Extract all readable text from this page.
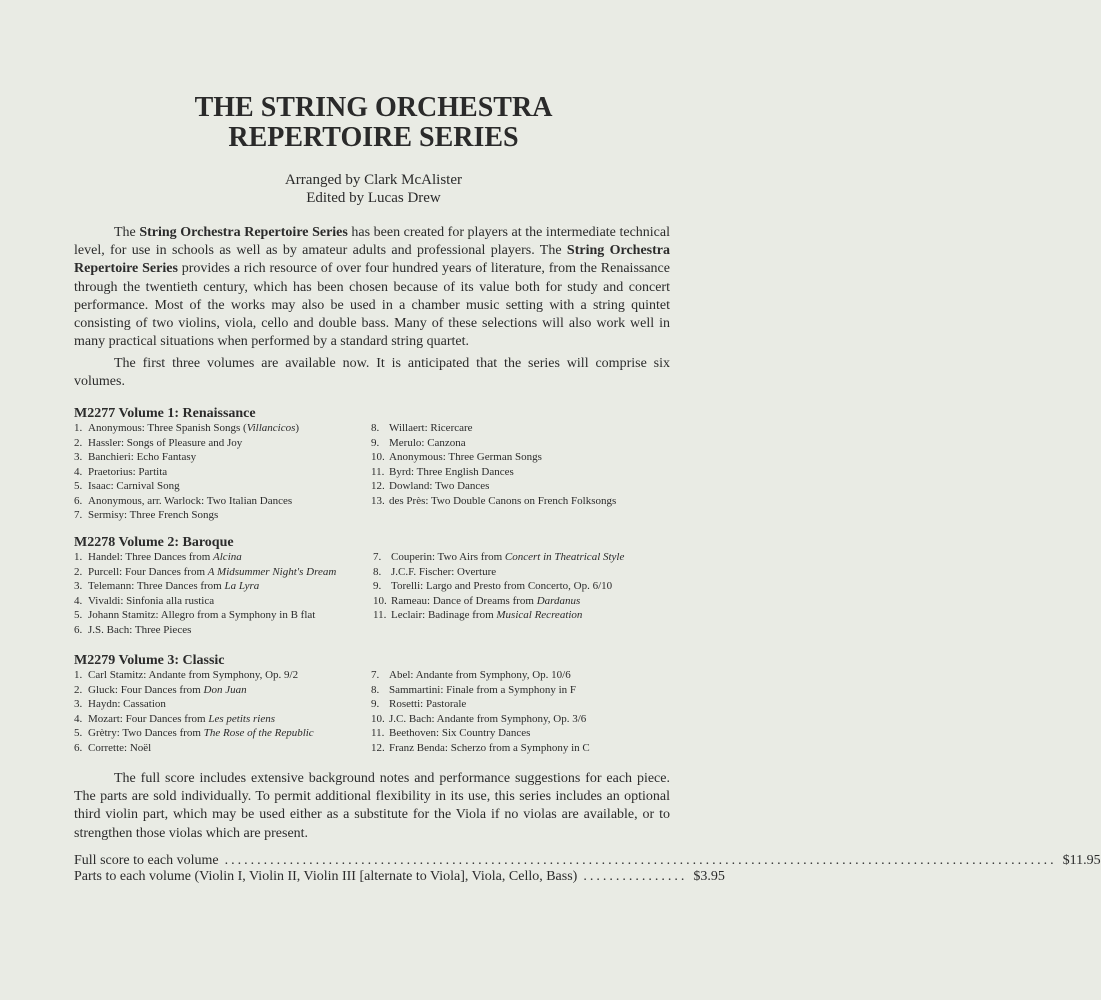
THE STRING ORCHESTRA
REPERTOIRE SERIES
Arranged by Clark McAlister
Edited by Lucas Drew

The String Orchestra Repertoire Series has been created for players at the intermediate technical level, for use in schools as well as by amateur adults and professional players. The String Orchestra Repertoire Series provides a rich resource of over four hundred years of literature, from the Renaissance through the twentieth century, which has been chosen because of its value both for study and concert performance. Most of the works may also be used in a chamber music setting with a string quintet consisting of two violins, viola, cello and double bass. Many of these selections will also work well in many practical situations when performed by a standard string quartet.

The first three volumes are available now. It is anticipated that the series will comprise six volumes.

M2277 Volume 1: Renaissance
1. Anonymous: Three Spanish Songs (Villancicos)
2. Hassler: Songs of Pleasure and Joy
3. Banchieri: Echo Fantasy
4. Praetorius: Partita
5. Isaac: Carnival Song
6. Anonymous, arr. Warlock: Two Italian Dances
7. Sermisy: Three French Songs
8. Willaert: Ricercare
9. Merulo: Canzona
10. Anonymous: Three German Songs
11. Byrd: Three English Dances
12. Dowland: Two Dances
13. des Près: Two Double Canons on French Folksongs
M2278 Volume 2: Baroque
1. Handel: Three Dances from Alcina
2. Purcell: Four Dances from A Midsummer Night's Dream
3. Telemann: Three Dances from La Lyra
4. Vivaldi: Sinfonia alla rustica
5. Johann Stamitz: Allegro from a Symphony in B flat
6. J.S. Bach: Three Pieces
7. Couperin: Two Airs from Concert in Theatrical Style
8. J.C.F. Fischer: Overture
9. Torelli: Largo and Presto from Concerto, Op. 6/10
10. Rameau: Dance of Dreams from Dardanus
11. Leclair: Badinage from Musical Recreation
M2279 Volume 3: Classic
1. Carl Stamitz: Andante from Symphony, Op. 9/2
2. Gluck: Four Dances from Don Juan
3. Haydn: Cassation
4. Mozart: Four Dances from Les petits riens
5. Grètry: Two Dances from The Rose of the Republic
6. Corrette: Noël
7. Abel: Andante from Symphony, Op. 10/6
8. Sammartini: Finale from a Symphony in F
9. Rosetti: Pastorale
10. J.C. Bach: Andante from Symphony, Op. 3/6
11. Beethoven: Six Country Dances
12. Franz Benda: Scherzo from a Symphony in C

The full score includes extensive background notes and performance suggestions for each piece. The parts are sold individually. To permit additional flexibility in its use, this series includes an optional third violin part, which may be used either as a substitute for the Viola if no violas are available, or to strengthen those violas which are present.

Full score to each volume ................................................................................................................................ $11.95
Parts to each volume (Violin I, Violin II, Violin III [alternate to Viola], Viola, Cello, Bass) ................ $3.95
